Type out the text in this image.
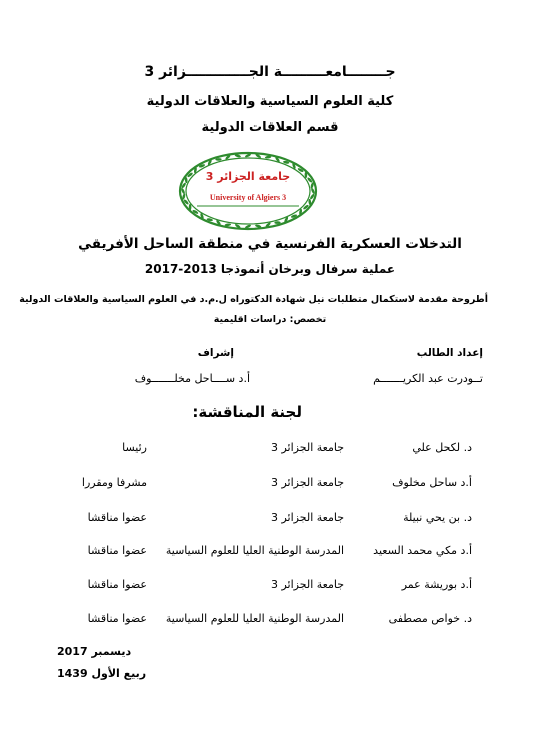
جــــــــامعـــــــــة الجـــــــــــــزائر 3
كلية العلوم السياسية والعلاقات الدولية
قسم العلاقات الدولية
جامعة الجزائر 3
University of Algiers 3
التدخلات العسكرية الفرنسية في منطقة الساحل الأفريقي
عملية سرفال وبرخان أنموذجا 2013-2017
أطروحة مقدمة لاستكمال متطلبات نيل شهادة الدكتوراه ل.م.د في العلوم السياسية والعلاقات الدولية
تخصص: دراسات اقليمية
إعداد الطالب
إشراف
تــودرت عبد الكريـــــــم
أ.د ســــاحل مخلـــــــوف
لجنة المناقشة:
د. لكحل علي
جامعة الجزائر 3
رئيسا
أ.د ساحل مخلوف
جامعة الجزائر 3
مشرفا ومقررا
د. بن يحي نبيلة
جامعة الجزائر 3
عضوا مناقشا
أ.د مكي محمد السعيد
المدرسة الوطنية العليا للعلوم السياسية
عضوا مناقشا
أ.د بوريشة عمر
جامعة الجزائر 3
عضوا مناقشا
د. خواص مصطفى
المدرسة الوطنية العليا للعلوم السياسية
عضوا مناقشا
ديسمبر 2017
ربيع الأول 1439
